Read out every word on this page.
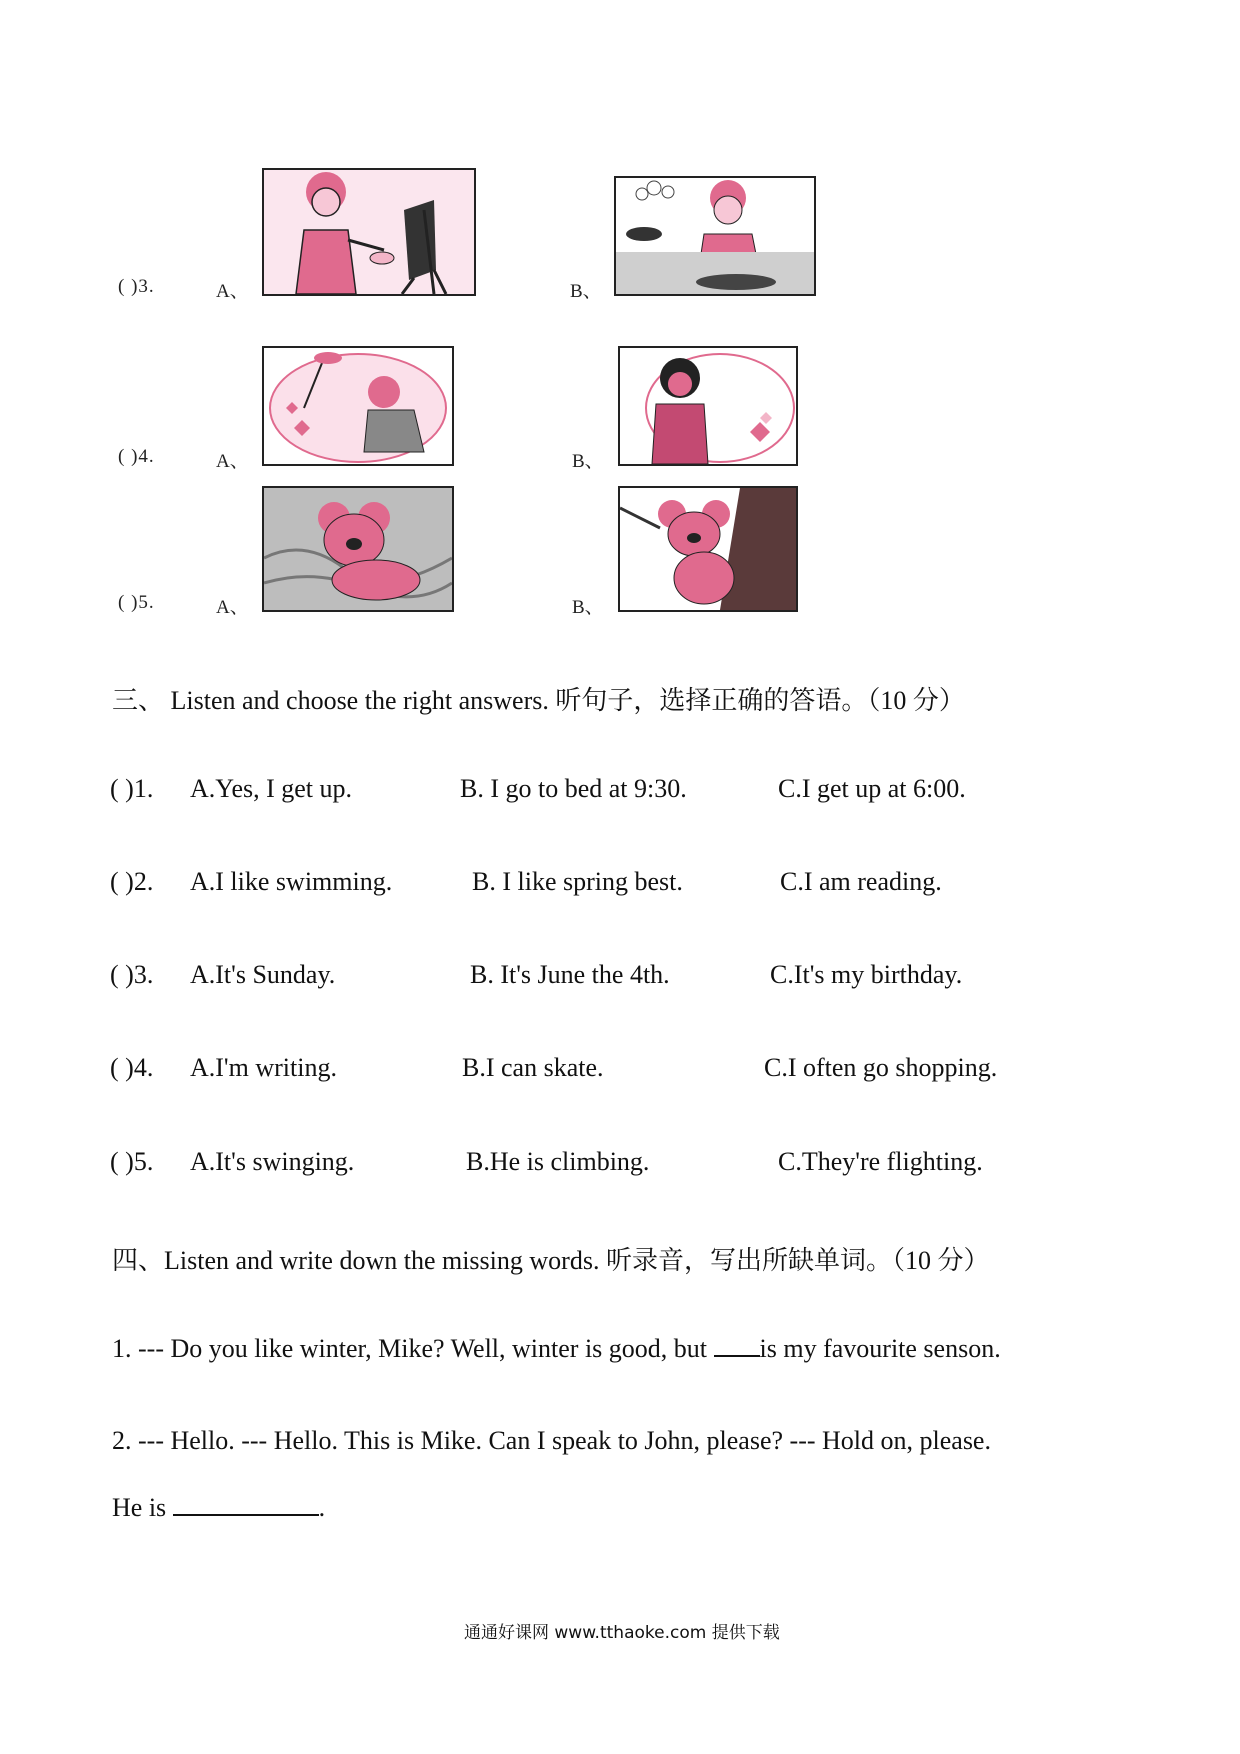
( )3.	A、	B、
( )4.	A、	B、
( )5.	A、	B、
三、 Listen and choose the right answers. 听句子，选择正确的答语。（10 分）
( )1. A.Yes, I get up.	B. I go to bed at 9:30.	C.I get up at 6:00.
( )2. A.I like swimming.	B. I like spring best.	C.I am reading.
( )3. A.It's Sunday.	B. It's June the 4th.	C.It's my birthday.
( )4. A.I'm writing.	B.I can skate.	C.I often go shopping.
( )5. A.It's swinging.	B.He is climbing.	C.They're flighting.
四、Listen and write down the missing words. 听录音，写出所缺单词。（10 分）
1. --- Do you like winter, Mike? Well, winter is good, but is my favourite senson.
2. --- Hello. --- Hello. This is Mike. Can I speak to John, please? --- Hold on, please.
He is	.
通通好课网 www.tthaoke.com 提供下载
